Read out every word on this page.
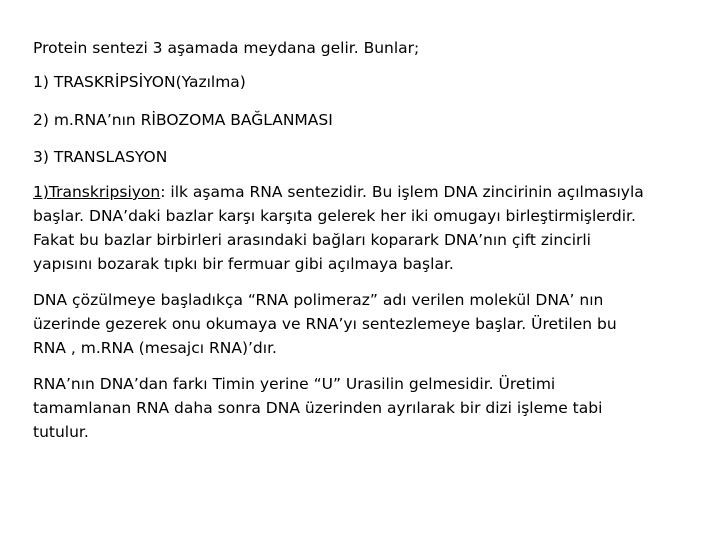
Protein sentezi 3 aşamada meydana gelir. Bunlar;

1) TRASKRİPSİYON(Yazılma)

2) m.RNA’nın RİBOZOMA BAĞLANMASI

3) TRANSLASYON

1)Transkripsiyon: ilk aşama RNA sentezidir. Bu işlem DNA zincirinin açılmasıyla
başlar. DNA’daki bazlar karşı karşıta gelerek her iki omugayı birleştirmişlerdir.
Fakat bu bazlar birbirleri arasındaki bağları koparark DNA’nın çift zincirli
yapısını bozarak tıpkı bir fermuar gibi açılmaya başlar.
DNA çözülmeye başladıkça “RNA polimeraz” adı verilen molekül DNA’ nın
üzerinde gezerek onu okumaya ve RNA’yı sentezlemeye başlar. Üretilen bu
RNA , m.RNA (mesajcı RNA)’dır.
RNA’nın DNA’dan farkı Timin yerine “U” Urasilin gelmesidir. Üretimi
tamamlanan RNA daha sonra DNA üzerinden ayrılarak bir dizi işleme tabi
tutulur.
